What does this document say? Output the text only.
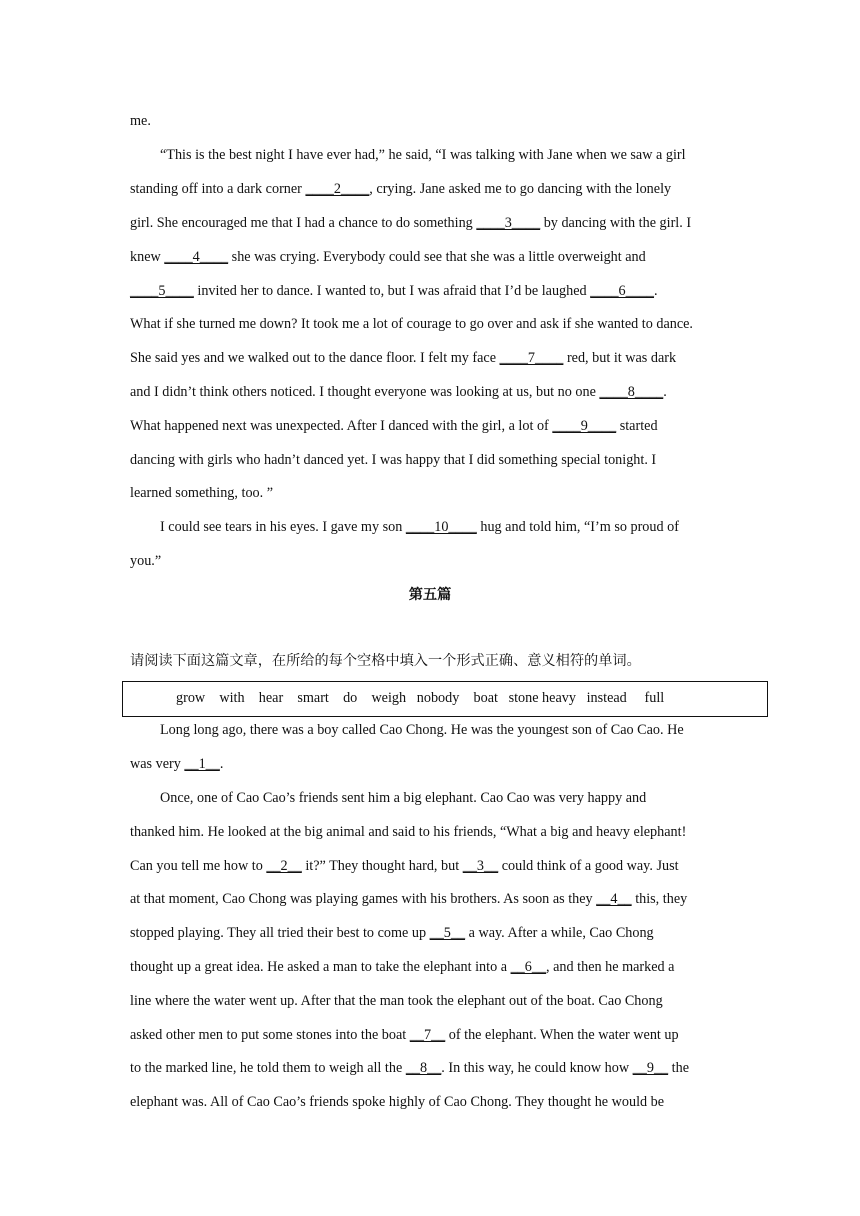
me.
“This is the best night I have ever had,” he said, “I was talking with Jane when we saw a girl
standing off into a dark corner ____2____, crying. Jane asked me to go dancing with the lonely
girl. She encouraged me that I had a chance to do something ____3____ by dancing with the girl. I
knew ____4____ she was crying. Everybody could see that she was a little overweight and
____5____ invited her to dance. I wanted to, but I was afraid that I’d be laughed ____6____.
What if she turned me down? It took me a lot of courage to go over and ask if she wanted to dance.
She said yes and we walked out to the dance floor. I felt my face ____7____ red, but it was dark
and I didn’t think others noticed. I thought everyone was looking at us, but no one ____8____.
What happened next was unexpected. After I danced with the girl, a lot of ____9____ started
dancing with girls who hadn’t danced yet. I was happy that I did something special tonight. I
learned something, too. ”
I could see tears in his eyes. I gave my son ____10____ hug and told him, “I’m so proud of
you.”
第五篇
请阅读下面这篇文章，在所给的每个空格中填入一个形式正确、意义相符的单词。
grow    with    hear    smart    do    weigh   nobody    boat   stone heavy   instead     full
Long long ago, there was a boy called Cao Chong. He was the youngest son of Cao Cao. He
was very __1__.
Once, one of Cao Cao’s friends sent him a big elephant. Cao Cao was very happy and
thanked him. He looked at the big animal and said to his friends, “What a big and heavy elephant!
Can you tell me how to __2__ it?” They thought hard, but __3__ could think of a good way. Just
at that moment, Cao Chong was playing games with his brothers. As soon as they __4__ this, they
stopped playing. They all tried their best to come up __5__ a way. After a while, Cao Chong
thought up a great idea. He asked a man to take the elephant into a __6__, and then he marked a
line where the water went up. After that the man took the elephant out of the boat. Cao Chong
asked other men to put some stones into the boat __7__ of the elephant. When the water went up
to the marked line, he told them to weigh all the __8__. In this way, he could know how __9__ the
elephant was. All of Cao Cao’s friends spoke highly of Cao Chong. They thought he would be
